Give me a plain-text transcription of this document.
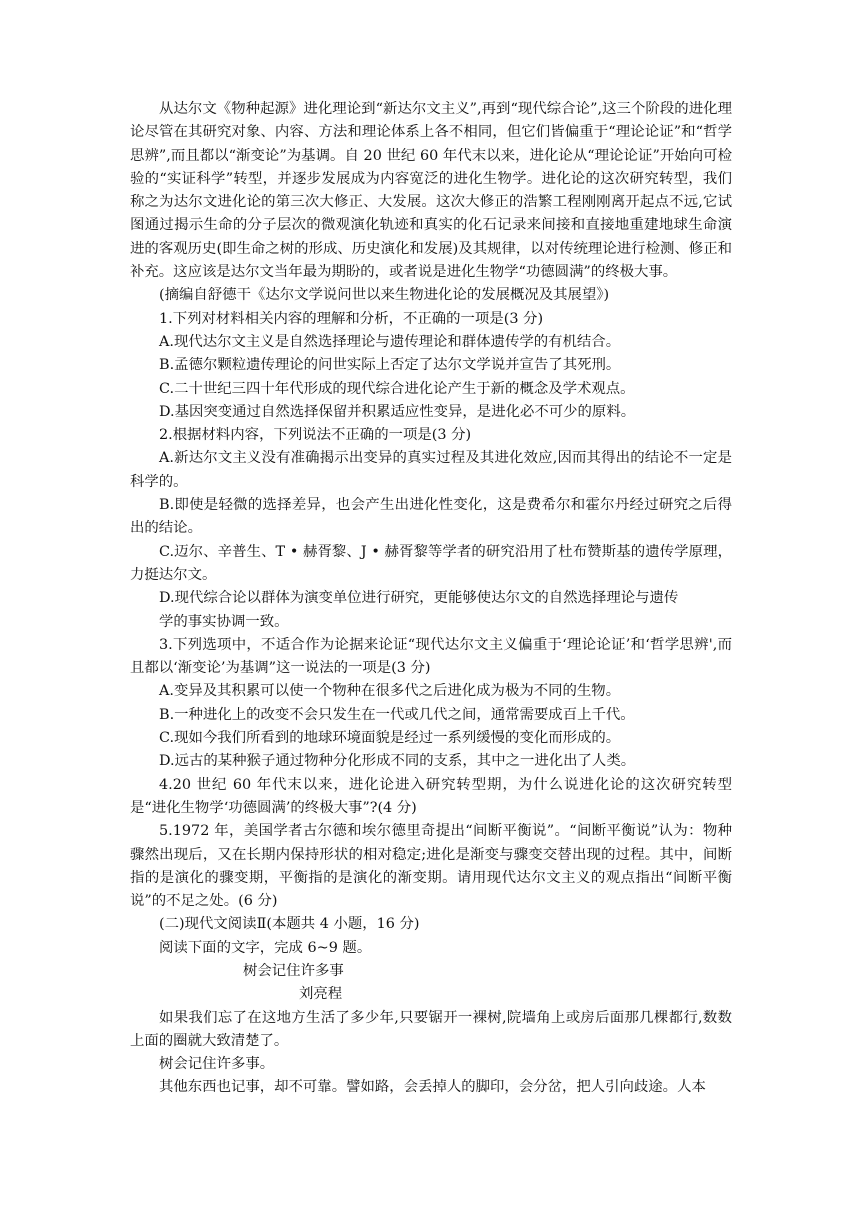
从达尔文《物种起源》进化理论到“新达尔文主义”,再到“现代综合论”,这三个阶段的进化理论尽管在其研究对象、内容、方法和理论体系上各不相同，但它们皆偏重于“理论论证”和“哲学思辨”,而且都以“渐变论”为基调。自 20 世纪 60 年代末以来，进化论从“理论论证”开始向可检验的“实证科学”转型，并逐步发展成为内容宽泛的进化生物学。进化论的这次研究转型，我们称之为达尔文进化论的第三次大修正、大发展。这次大修正的浩繁工程刚刚离开起点不远,它试图通过揭示生命的分子层次的微观演化轨迹和真实的化石记录来间接和直接地重建地球生命演进的客观历史(即生命之树的形成、历史演化和发展)及其规律，以对传统理论进行检测、修正和补充。这应该是达尔文当年最为期盼的，或者说是进化生物学“功德圆满”的终极大事。

(摘编自舒德干《达尔文学说问世以来生物进化论的发展概况及其展望》)

1.下列对材料相关内容的理解和分析，不正确的一项是(3 分)

A.现代达尔文主义是自然选择理论与遗传理论和群体遗传学的有机结合。

B.孟德尔颗粒遗传理论的问世实际上否定了达尔文学说并宣告了其死刑。

C.二十世纪三四十年代形成的现代综合进化论产生于新的概念及学术观点。

D.基因突变通过自然选择保留并积累适应性变异，是进化必不可少的原料。

2.根据材料内容，下列说法不正确的一项是(3 分)

A.新达尔文主义没有准确揭示出变异的真实过程及其进化效应,因而其得出的结论不一定是科学的。

B.即使是轻微的选择差异，也会产生出进化性变化，这是费希尔和霍尔丹经过研究之后得出的结论。

C.迈尔、辛普生、T • 赫胥黎、J • 赫胥黎等学者的研究沿用了杜布赞斯基的遗传学原理，力挺达尔文。

D.现代综合论以群体为演变单位进行研究，更能够使达尔文的自然选择理论与遗传

学的事实协调一致。

3.下列选项中，不适合作为论据来论证“现代达尔文主义偏重于‘理论论证’和‘哲学思辨',而且都以‘渐变论’为基调”这一说法的一项是(3 分)

A.变异及其积累可以使一个物种在很多代之后进化成为极为不同的生物。

B.一种进化上的改变不会只发生在一代或几代之间，通常需要成百上千代。

C.现如今我们所看到的地球环境面貌是经过一系列缓慢的变化而形成的。

D.远古的某种猴子通过物种分化形成不同的支系，其中之一进化出了人类。

4.20 世纪 60 年代末以来，进化论进入研究转型期，为什么说进化论的这次研究转型是“进化生物学‘功德圆满’的终极大事”?(4 分)

5.1972 年，美国学者古尔德和埃尔德里奇提出“间断平衡说”。“间断平衡说”认为：物种骤然出现后，又在长期内保持形状的相对稳定;进化是渐变与骤变交替出现的过程。其中，间断指的是演化的骤变期，平衡指的是演化的渐变期。请用现代达尔文主义的观点指出“间断平衡说”的不足之处。(6 分)

(二)现代文阅读Ⅱ(本题共 4 小题，16 分)

阅读下面的文字，完成 6~9 题。

树会记住许多事

刘亮程

如果我们忘了在这地方生活了多少年,只要锯开一裸树,院墙角上或房后面那几棵都行,数数上面的圈就大致清楚了。

树会记住许多事。

其他东西也记事，却不可靠。譬如路，会丢掉人的脚印，会分岔，把人引向歧途。人本
